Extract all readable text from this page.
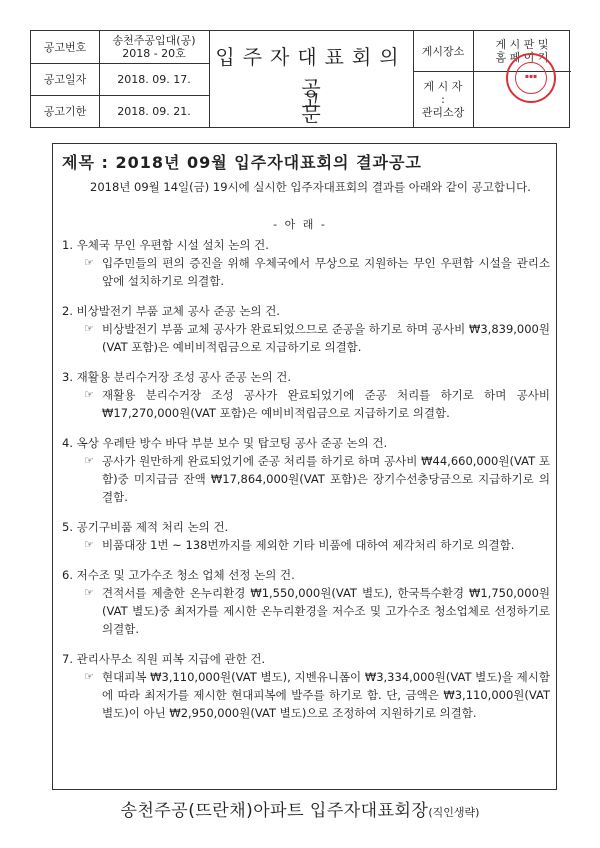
공고번호
공고일자
공고기한
송천주공입대(공)
2018 - 20호
2018. 09. 17.
2018. 09. 21.
입주자대표회의
공고문
게시장소	게 시 판 및
홈 페 이 지
게 시 자
:
관리소장
▪▪▪
제목 : 2018년 09월 입주자대표회의 결과공고
2018년 09월 14일(금) 19시에 실시한 입주자대표회의 결과를 아래와 같이 공고합니다.
- 아 래 -
1. 우체국 무인 우편함 시설 설치 논의 건.
☞ 입주민들의 편의 증진을 위해 우체국에서 무상으로 지원하는 무인 우편함 시설을 관리소 앞에 설치하기로 의결함.
2. 비상발전기 부품 교체 공사 준공 논의 건.
☞ 비상발전기 부품 교체 공사가 완료되었으므로 준공을 하기로 하며 공사비 ₩3,839,000원(VAT 포함)은 예비비적립금으로 지급하기로 의결함.
3. 재활용 분리수거장 조성 공사 준공 논의 건.
☞ 재활용 분리수거장 조성 공사가 완료되었기에 준공 처리를 하기로 하며 공사비 ₩17,270,000원(VAT 포함)은 예비비적립금으로 지급하기로 의결함.
4. 옥상 우레탄 방수 바닥 부분 보수 및 탑코팅 공사 준공 논의 건.
☞ 공사가 원만하게 완료되었기에 준공 처리를 하기로 하며 공사비 ₩44,660,000원(VAT 포함)중 미지급금 잔액 ₩17,864,000원(VAT 포함)은 장기수선충당금으로 지급하기로 의결함.
5. 공기구비품 제적 처리 논의 건.
☞ 비품대장 1번 ~ 138번까지를 제외한 기타 비품에 대하여 제각처리 하기로 의결함.
6. 저수조 및 고가수조 청소 업체 선정 논의 건.
☞ 견적서를 제출한 온누리환경 ₩1,550,000원(VAT 별도), 한국특수환경 ₩1,750,000원(VAT 별도)중 최저가를 제시한 온누리환경을 저수조 및 고가수조 청소업체로 선정하기로 의결함.
7. 관리사무소 직원 피복 지급에 관한 건.
☞ 현대피복 ₩3,110,000원(VAT 별도), 지벤유니폼이 ₩3,334,000원(VAT 별도)을 제시함에 따라 최저가를 제시한 현대피복에 발주를 하기로 함. 단, 금액은 ₩3,110,000원(VAT 별도)이 아닌 ₩2,950,000원(VAT 별도)으로 조정하여 지원하기로 의결함.
송천주공(뜨란채)아파트 입주자대표회장(직인생략)
